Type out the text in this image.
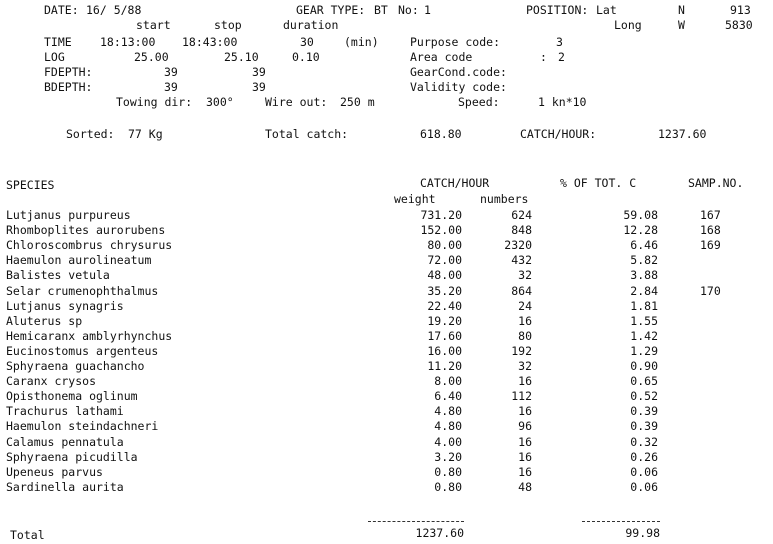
DATE: 16/ 5/88	GEAR TYPE: BT No: 1	POSITION: Lat	N	913
start	stop	duration	Long	W	5830
TIME 18:13:00 18:43:00	30	(min)	Purpose code:	3
LOG	25.00	25.10	0.10	Area code	: 2
FDEPTH:	39	39	GearCond.code:
BDEPTH:	39	39	Validity code:
Towing dir: 300°	Wire out: 250 m	Speed:	1 kn*10
Sorted: 77 Kg	Total catch:	618.80	CATCH/HOUR:	1237.60
SPECIES	CATCH/HOUR	% OF TOT. C	SAMP.NO.
weight	numbers
Lutjanus purpureus	731.20	624	59.08	167
Rhomboplites aurorubens	152.00	848	12.28	168
Chloroscombrus chrysurus	80.00	2320	6.46	169
Haemulon aurolineatum	72.00	432	5.82
Balistes vetula	48.00	32	3.88
Selar crumenophthalmus	35.20	864	2.84	170
Lutjanus synagris	22.40	24	1.81
Aluterus sp	19.20	16	1.55
Hemicaranx amblyrhynchus	17.60	80	1.42
Eucinostomus argenteus	16.00	192	1.29
Sphyraena guachancho	11.20	32	0.90
Caranx crysos	8.00	16	0.65
Opisthonema oglinum	6.40	112	0.52
Trachurus lathami	4.80	16	0.39
Haemulon steindachneri	4.80	96	0.39
Calamus pennatula	4.00	16	0.32
Sphyraena picudilla	3.20	16	0.26
Upeneus parvus	0.80	16	0.06
Sardinella aurita	0.80	48	0.06
Total	1237.60	99.98
